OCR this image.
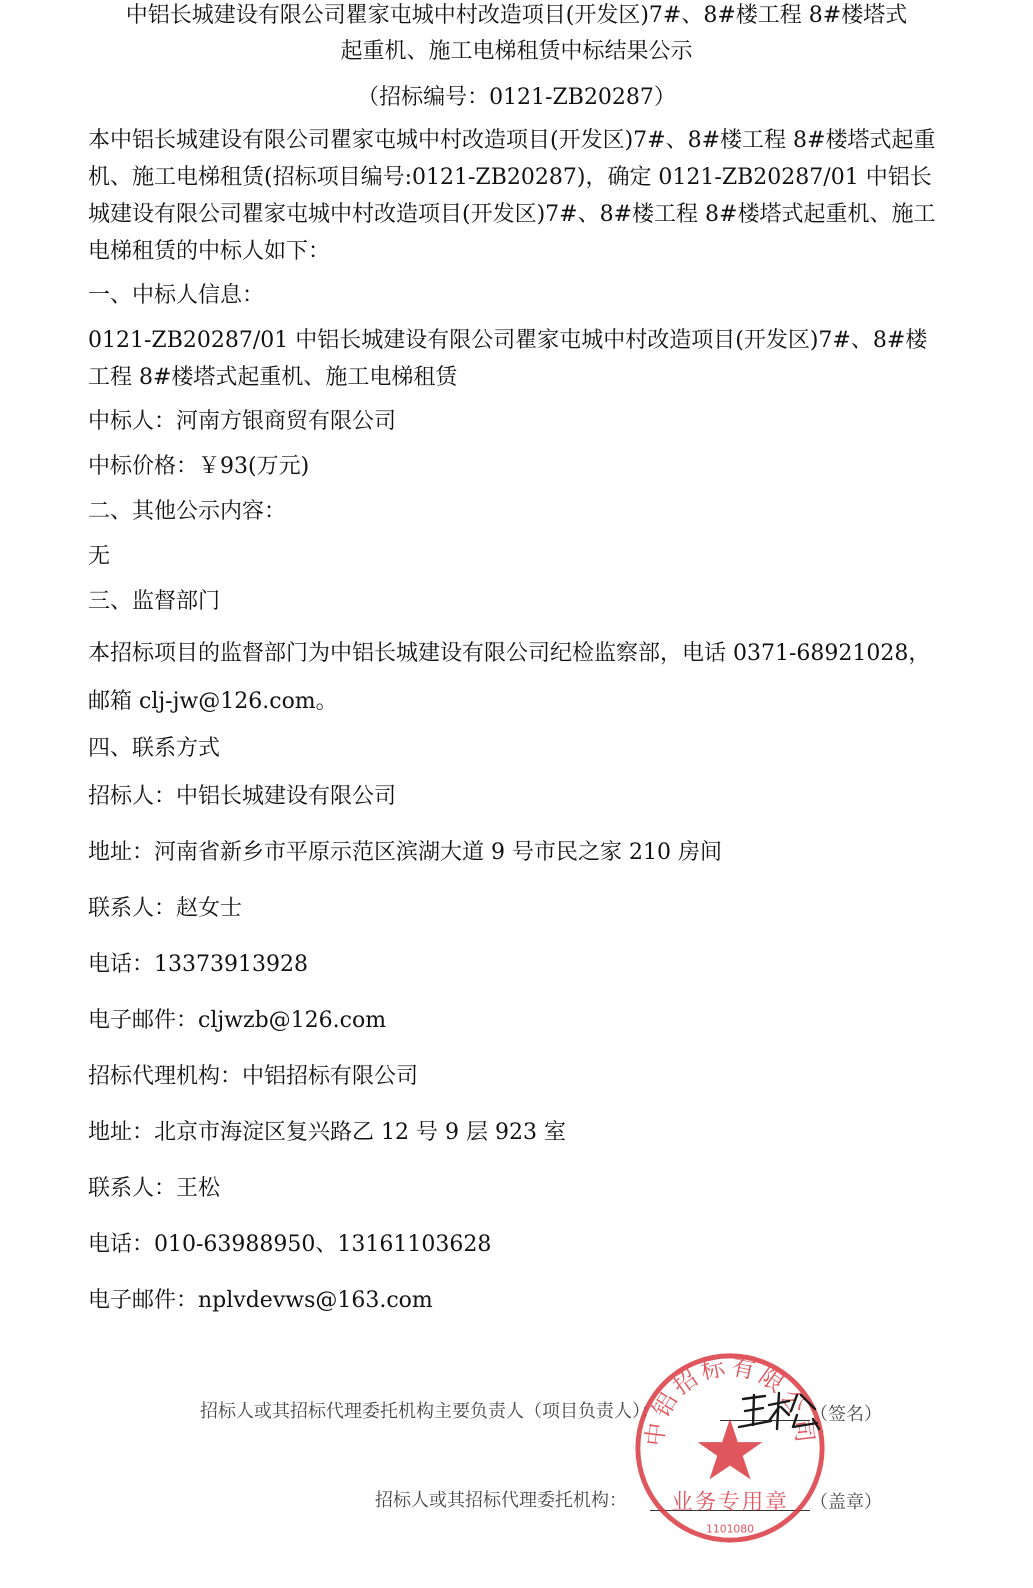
中铝长城建设有限公司瞿家屯城中村改造项目(开发区)7#、8#楼工程 8#楼塔式
起重机、施工电梯租赁中标结果公示
（招标编号：0121-ZB20287）
本中铝长城建设有限公司瞿家屯城中村改造项目(开发区)7#、8#楼工程 8#楼塔式起重机、施工电梯租赁(招标项目编号:0121-ZB20287)，确定 0121-ZB20287/01 中铝长城建设有限公司瞿家屯城中村改造项目(开发区)7#、8#楼工程 8#楼塔式起重机、施工电梯租赁的中标人如下：
一、中标人信息：
0121-ZB20287/01 中铝长城建设有限公司瞿家屯城中村改造项目(开发区)7#、8#楼工程 8#楼塔式起重机、施工电梯租赁
中标人：河南方银商贸有限公司
中标价格：￥93(万元)
二、其他公示内容：
无
三、监督部门
本招标项目的监督部门为中铝长城建设有限公司纪检监察部，电话 0371-68921028，邮箱 clj-jw@126.com。
四、联系方式
招标人：中铝长城建设有限公司
地址：河南省新乡市平原示范区滨湖大道 9 号市民之家 210 房间
联系人：赵女士
电话：13373913928
电子邮件：cljwzb@126.com
招标代理机构：中铝招标有限公司
地址：北京市海淀区复兴路乙 12 号 9 层 923 室
联系人：王松
电话：010-63988950、13161103628
电子邮件：nplvdevws@163.com
招标人或其招标代理委托机构主要负责人（项目负责人）：	（签名）
招标人或其招标代理委托机构：	（盖章）
中铝招标有限公司
业务专用章
1101080
